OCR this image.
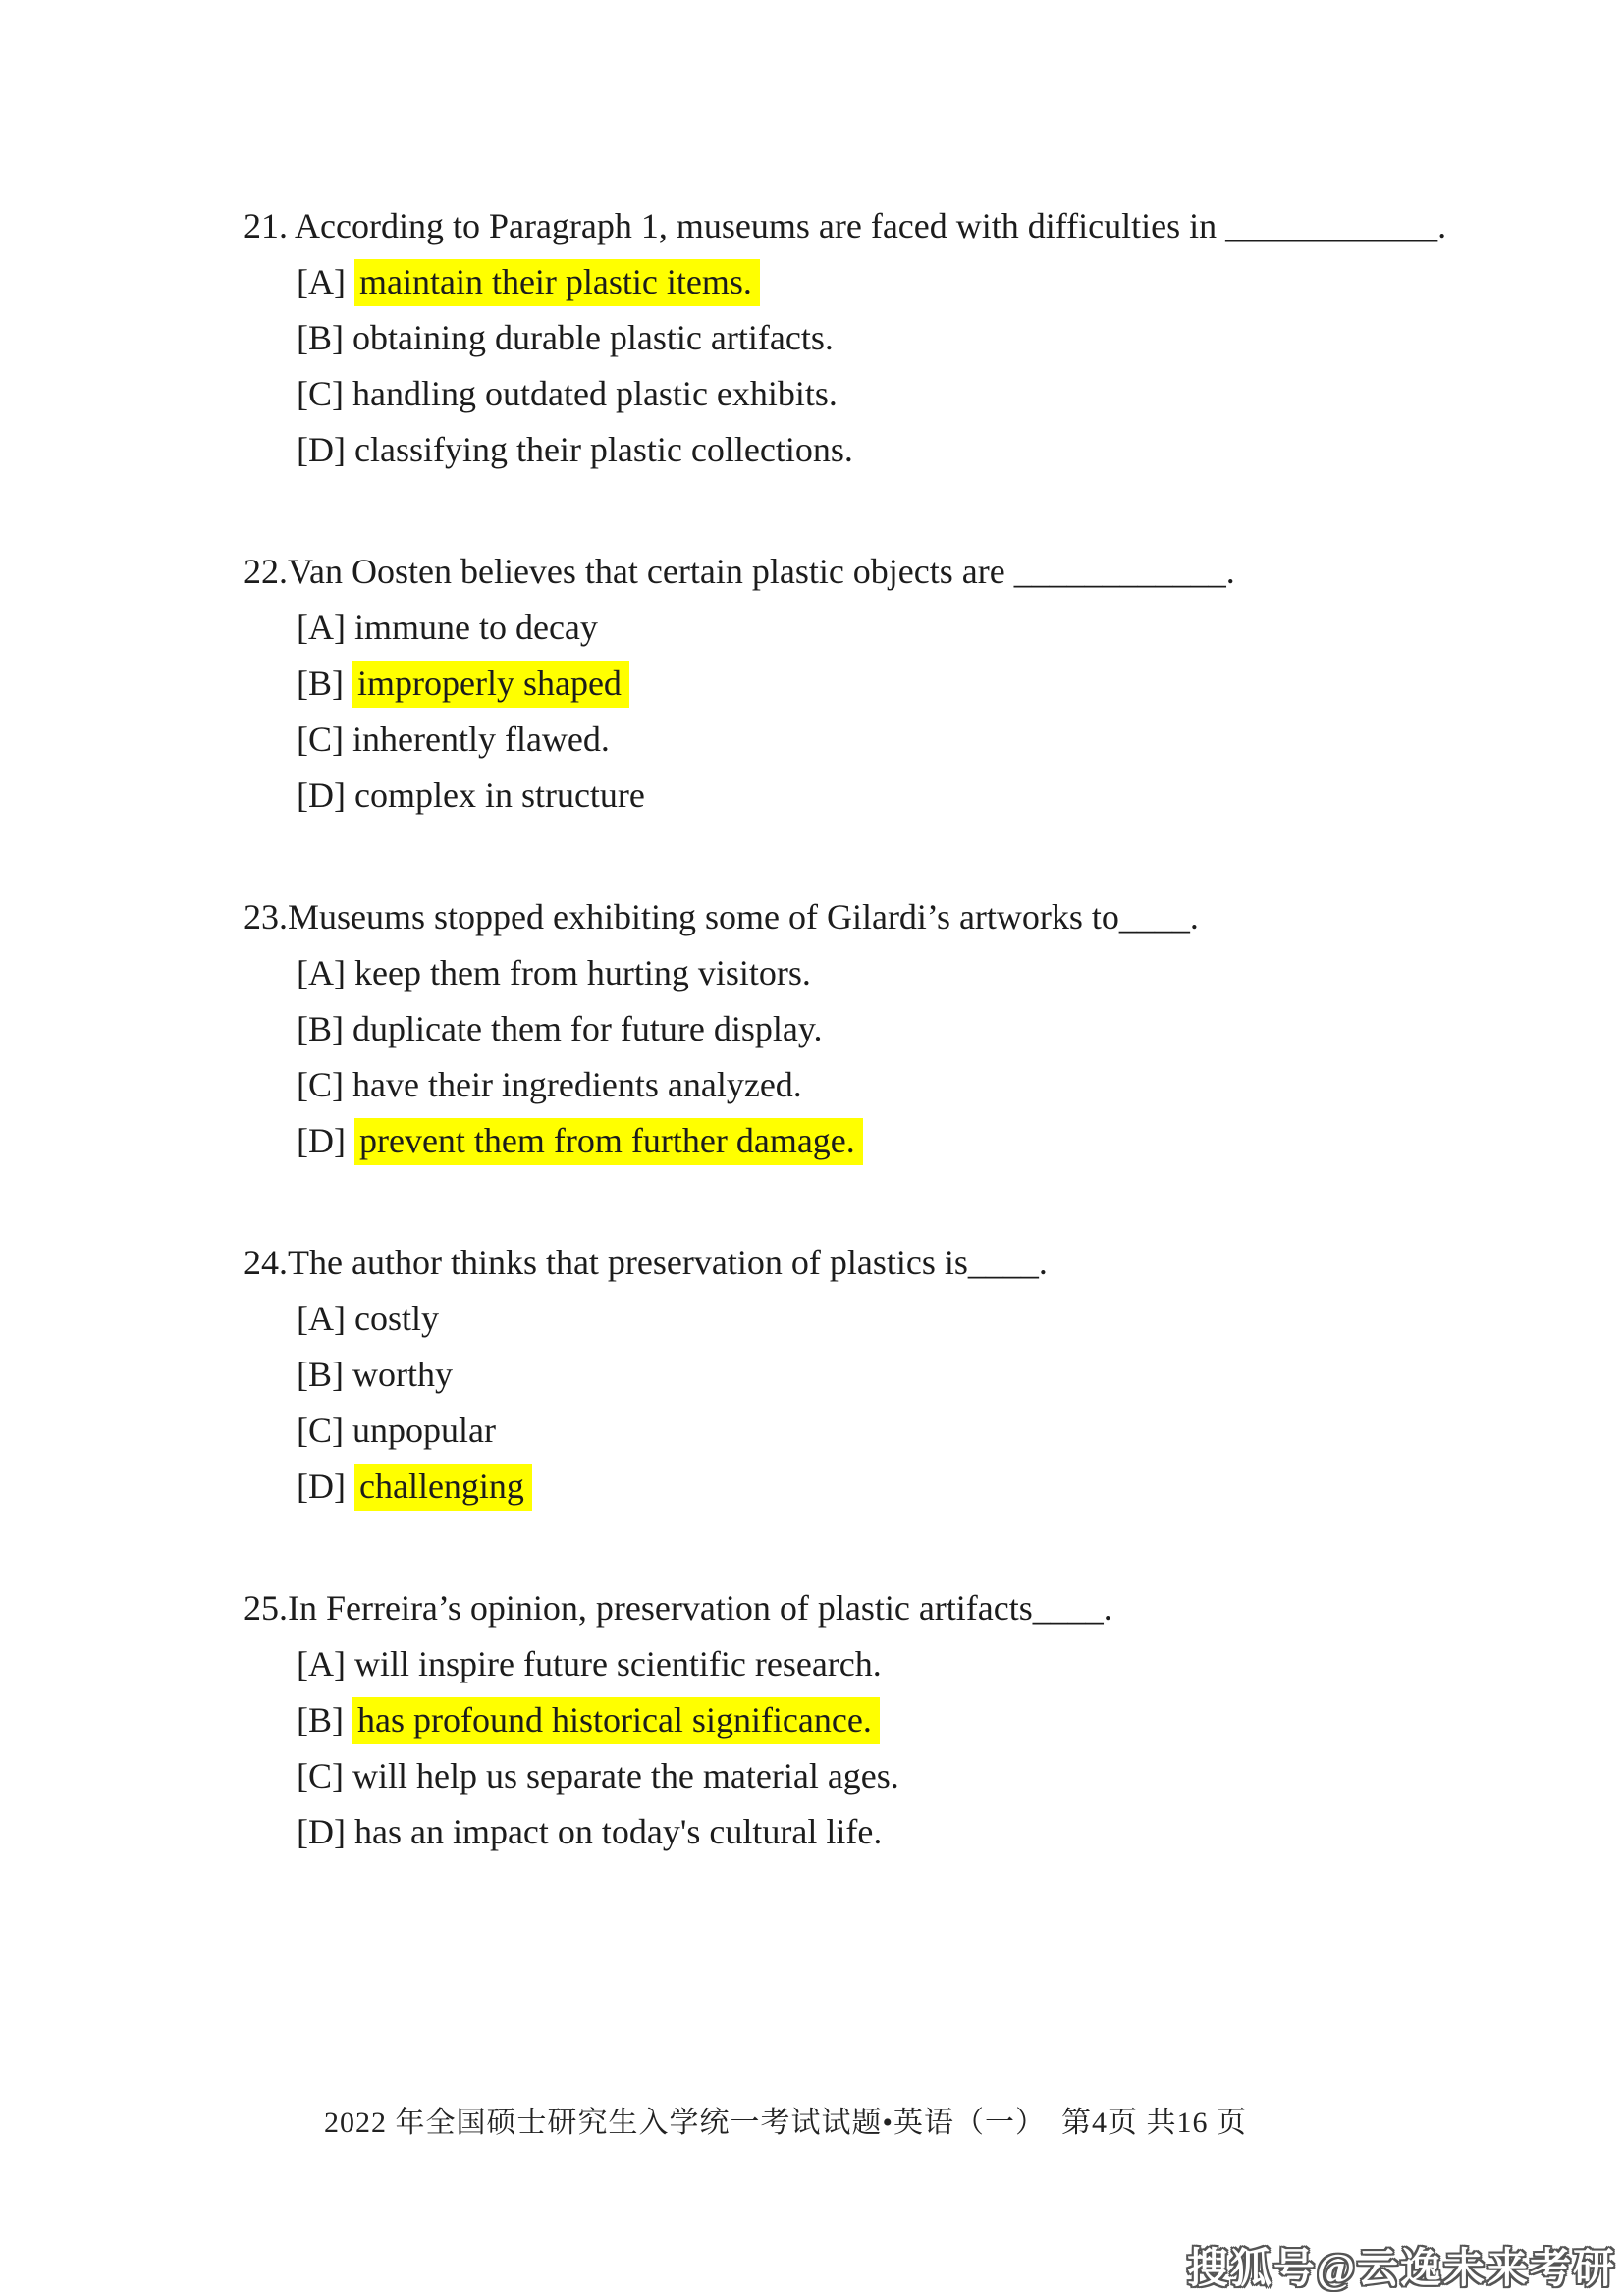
21. According to Paragraph 1, museums are faced with difficulties in ____________.
[A] maintain their plastic items.
[B] obtaining durable plastic artifacts.
[C] handling outdated plastic exhibits.
[D] classifying their plastic collections.
22.Van Oosten believes that certain plastic objects are ____________.
[A] immune to decay
[B] improperly shaped
[C] inherently flawed.
[D] complex in structure
23.Museums stopped exhibiting some of Gilardi’s artworks to____.
[A] keep them from hurting visitors.
[B] duplicate them for future display.
[C] have their ingredients analyzed.
[D] prevent them from further damage.
24.The author thinks that preservation of plastics is____.
[A] costly
[B] worthy
[C] unpopular
[D] challenging
25.In Ferreira’s opinion, preservation of plastic artifacts____.
[A] will inspire future scientific research.
[B] has profound historical significance.
[C] will help us separate the material ages.
[D] has an impact on today's cultural life.
2022 年全国硕士研究生入学统一考试试题•英语（一）　第4页 共16 页
搜狐号@云逸未来考研
